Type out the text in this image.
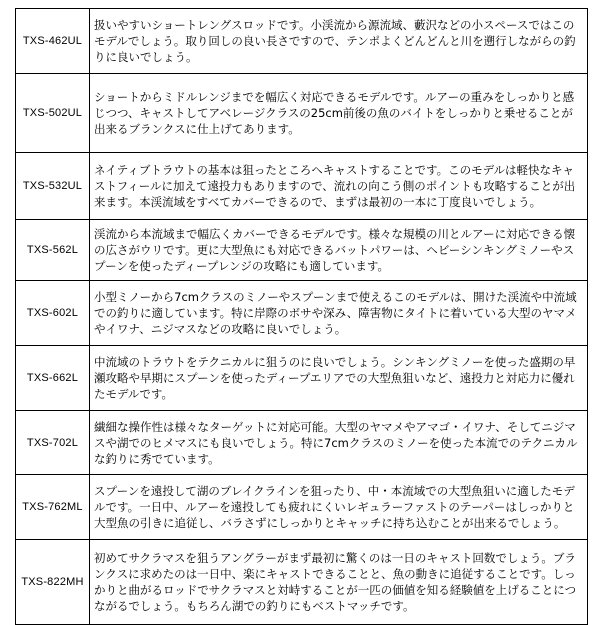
TXS-462UL	扱いやすいショートレングスロッドです。小渓流から源流域、藪沢などの小スペースではこのモデルでしょう。取り回しの良い長さですので、テンポよくどんどんと川を遡行しながらの釣りに良いでしょう。
TXS-502UL	ショートからミドルレンジまでを幅広く対応できるモデルです。ルアーの重みをしっかりと感じつつ、キャストしてアベレージクラスの25cm前後の魚のバイトをしっかりと乗せることが出来るブランクスに仕上げてあります。
TXS-532UL	ネイティブトラウトの基本は狙ったところへキャストすることです。このモデルは軽快なキャストフィールに加えて遠投力もありますので、流れの向こう側のポイントも攻略することが出来ます。本渓流域をすべてカバーできるので、まずは最初の一本に丁度良いでしょう。
TXS-562L	渓流から本流域まで幅広くカバーできるモデルです。様々な規模の川とルアーに対応できる懐の広さがウリです。更に大型魚にも対応できるバットパワーは、ヘビーシンキングミノーやスプーンを使ったディープレンジの攻略にも適しています。
TXS-602L	小型ミノーから7cmクラスのミノーやスプーンまで使えるこのモデルは、開けた渓流や中流域での釣りに適しています。特に岸際のボサや深み、障害物にタイトに着いている大型のヤマメやイワナ、ニジマスなどの攻略に良いでしょう。
TXS-662L	中流域のトラウトをテクニカルに狙うのに良いでしょう。シンキングミノーを使った盛期の早瀬攻略や早期にスプーンを使ったディープエリアでの大型魚狙いなど、遠投力と対応力に優れたモデルです。
TXS-702L	繊細な操作性は様々なターゲットに対応可能。大型のヤマメやアマゴ・イワナ、そしてニジマスや湖でのヒメマスにも良いでしょう。特に7cmクラスのミノーを使った本流でのテクニカルな釣りに秀でています。
TXS-762ML	スプーンを遠投して湖のブレイクラインを狙ったり、中・本流域での大型魚狙いに適したモデルです。一日中、ルアーを遠投しても疲れにくいレギュラーファストのテーパーはしっかりと大型魚の引きに追従し、バラさずにしっかりとキャッチに持ち込むことが出来るでしょう。
TXS-822MH	初めてサクラマスを狙うアングラーがまず最初に驚くのは一日のキャスト回数でしょう。ブランクスに求めたのは一日中、楽にキャストできることと、魚の動きに追従することです。しっかりと曲がるロッドでサクラマスと対峙することが一匹の価値を知る経験値を上げることにつながるでしょう。もちろん湖での釣りにもベストマッチです。
